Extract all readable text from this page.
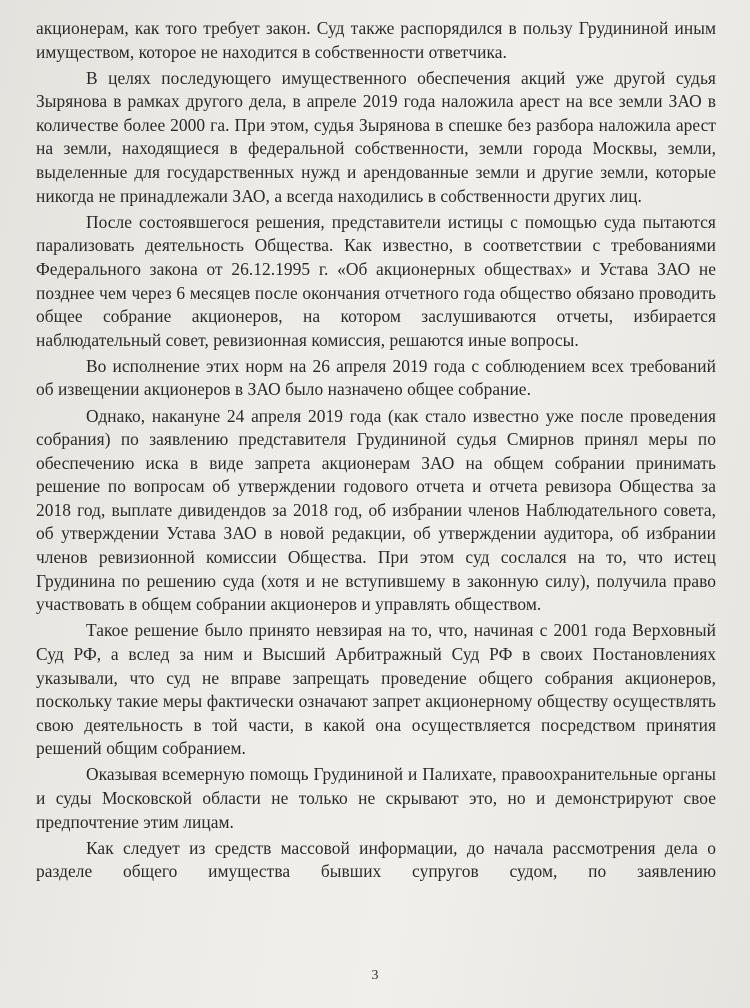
акционерам, как того требует закон. Суд также распорядился в пользу Грудининой иным имуществом, которое не находится в собственности ответчика.

В целях последующего имущественного обеспечения акций уже другой судья Зырянова в рамках другого дела, в апреле 2019 года наложила арест на все земли ЗАО в количестве более 2000 га. При этом, судья Зырянова в спешке без разбора наложила арест на земли, находящиеся в федеральной собственности, земли города Москвы, земли, выделенные для государственных нужд и арендованные земли и другие земли, которые никогда не принадлежали ЗАО, а всегда находились в собственности других лиц.

После состоявшегося решения, представители истицы с помощью суда пытаются парализовать деятельность Общества. Как известно, в соответствии с требованиями Федерального закона от 26.12.1995 г. «Об акционерных обществах» и Устава ЗАО не позднее чем через 6 месяцев после окончания отчетного года общество обязано проводить общее собрание акционеров, на котором заслушиваются отчеты, избирается наблюдательный совет, ревизионная комиссия, решаются иные вопросы.

Во исполнение этих норм на 26 апреля 2019 года с соблюдением всех требований об извещении акционеров в ЗАО было назначено общее собрание.

Однако, накануне 24 апреля 2019 года (как стало известно уже после проведения собрания) по заявлению представителя Грудининой судья Смирнов принял меры по обеспечению иска в виде запрета акционерам ЗАО на общем собрании принимать решение по вопросам об утверждении годового отчета и отчета ревизора Общества за 2018 год, выплате дивидендов за 2018 год, об избрании членов Наблюдательного совета, об утверждении Устава ЗАО в новой редакции, об утверждении аудитора, об избрании членов ревизионной комиссии Общества. При этом суд сослался на то, что истец Грудинина по решению суда (хотя и не вступившему в законную силу), получила право участвовать в общем собрании акционеров и управлять обществом.

Такое решение было принято невзирая на то, что, начиная с 2001 года Верховный Суд РФ, а вслед за ним и Высший Арбитражный Суд РФ в своих Постановлениях указывали, что суд не вправе запрещать проведение общего собрания акционеров, поскольку такие меры фактически означают запрет акционерному обществу осуществлять свою деятельность в той части, в какой она осуществляется посредством принятия решений общим собранием.

Оказывая всемерную помощь Грудининой и Палихате, правоохранительные органы и суды Московской области не только не скрывают это, но и демонстрируют свое предпочтение этим лицам.

Как следует из средств массовой информации, до начала рассмотрения дела о разделе общего имущества бывших супругов судом, по заявлению

3
